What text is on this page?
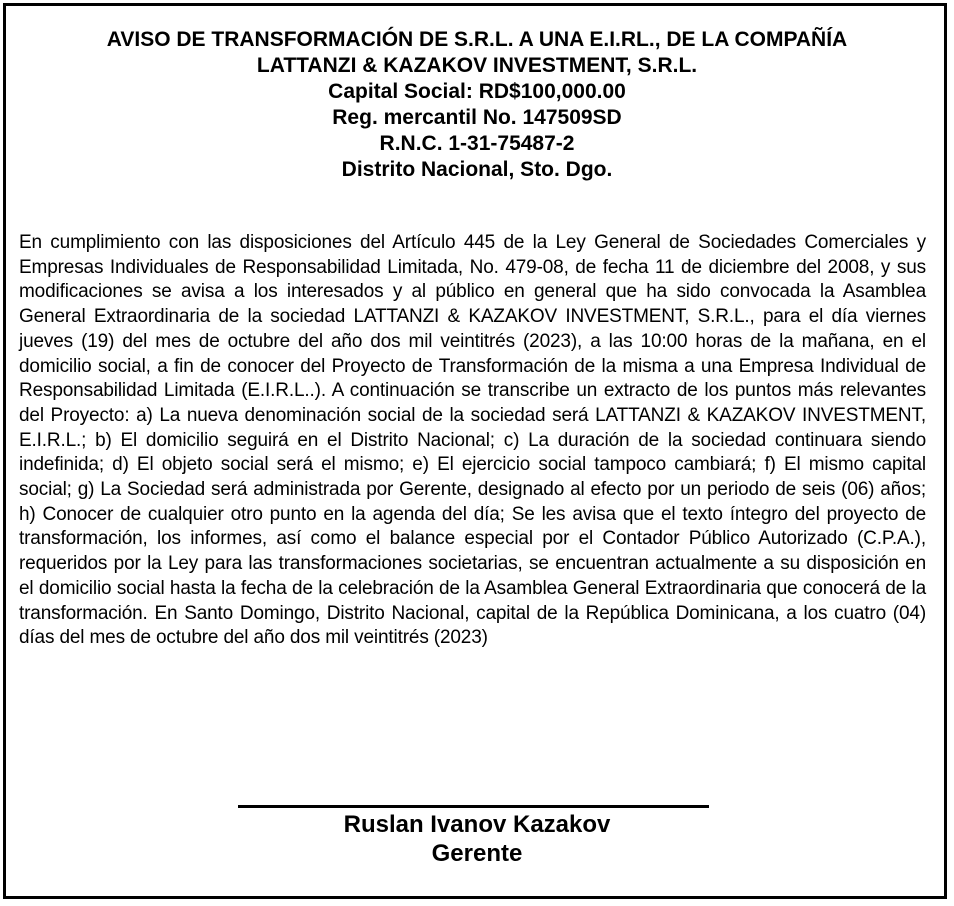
AVISO DE TRANSFORMACIÓN DE S.R.L. A UNA E.I.RL., DE LA COMPAÑÍA
LATTANZI & KAZAKOV INVESTMENT, S.R.L.
Capital Social: RD$100,000.00
Reg. mercantil No. 147509SD
R.N.C. 1-31-75487-2
Distrito Nacional, Sto. Dgo.
En cumplimiento con las disposiciones del Artículo 445 de la Ley General de Sociedades Comerciales y Empresas Individuales de Responsabilidad Limitada, No. 479-08, de fecha 11 de diciembre del 2008, y sus modificaciones se avisa a los interesados y al público en general que ha sido convocada la Asamblea General Extraordinaria de la sociedad LATTANZI & KAZAKOV INVESTMENT, S.R.L., para el día viernes jueves (19) del mes de octubre del año dos mil veintitrés (2023), a las 10:00 horas de la mañana, en el domicilio social, a fin de conocer del Proyecto de Transformación de la misma a una Empresa Individual de Responsabilidad Limitada (E.I.R.L..). A continuación se transcribe un extracto de los puntos más relevantes del Proyecto: a) La nueva denominación social de la sociedad será LATTANZI & KAZAKOV INVESTMENT, E.I.R.L.; b) El domicilio seguirá en el Distrito Nacional; c) La duración de la sociedad continuara siendo indefinida; d) El objeto social será el mismo; e) El ejercicio social tampoco cambiará; f) El mismo capital social; g) La Sociedad será administrada por Gerente, designado al efecto por un periodo de seis (06) años; h) Conocer de cualquier otro punto en la agenda del día; Se les avisa que el texto íntegro del proyecto de transformación, los informes, así como el balance especial por el Contador Público Autorizado (C.P.A.), requeridos por la Ley para las transformaciones societarias, se encuentran actualmente a su disposición en el domicilio social hasta la fecha de la celebración de la Asamblea General Extraordinaria que conocerá de la transformación. En Santo Domingo, Distrito Nacional, capital de la República Dominicana, a los cuatro (04) días del mes de octubre del año dos mil veintitrés (2023)
Ruslan Ivanov Kazakov
Gerente
